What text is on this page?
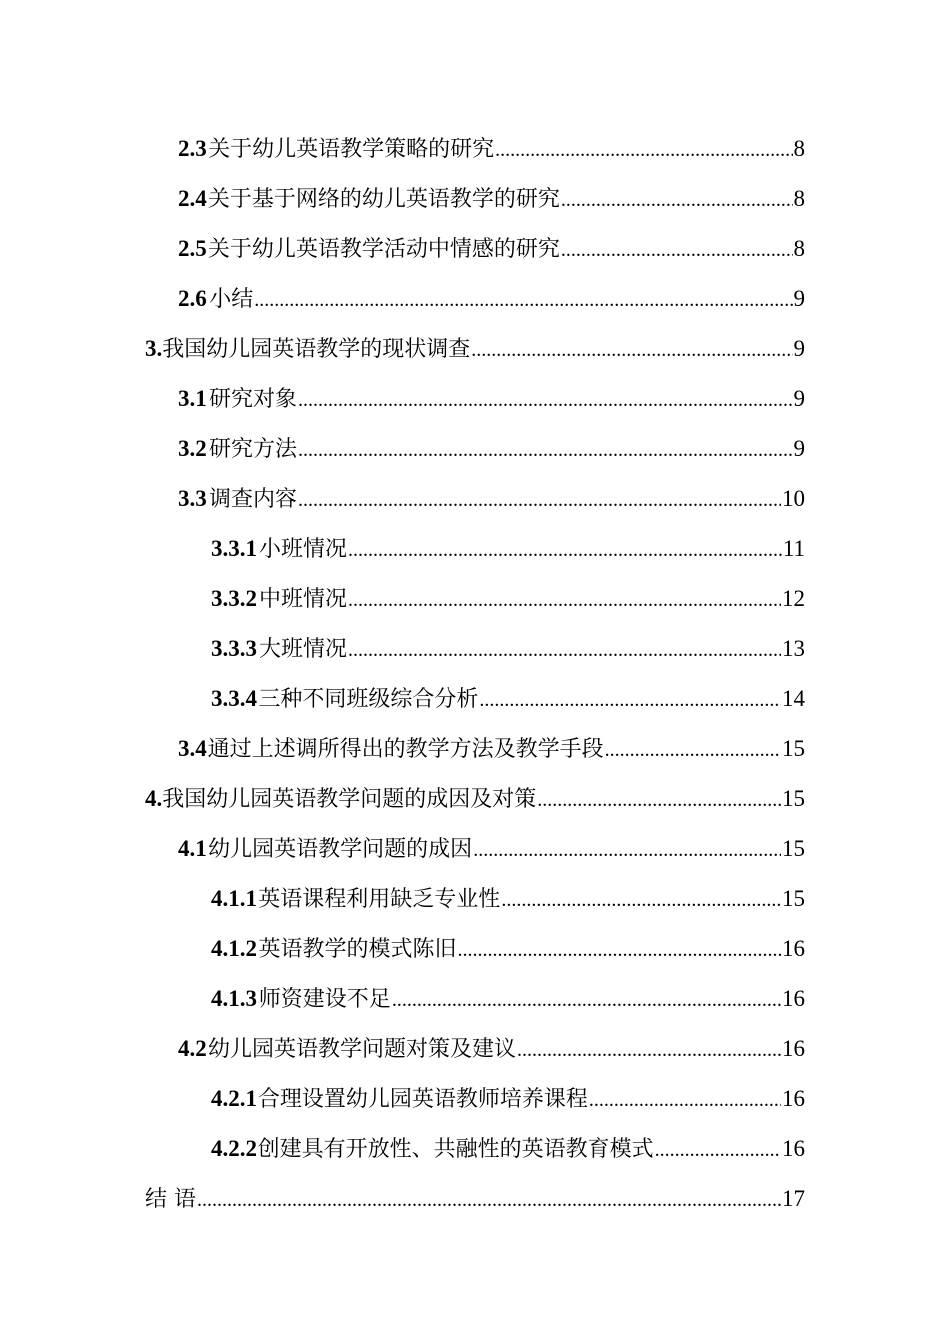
2.3 关于幼儿英语教学策略的研究 .....	8
2.4 关于基于网络的幼儿英语教学的研究 .....	8
2.5 关于幼儿英语教学活动中情感的研究 .....	8
2.6 小结 .....	9
3. 我国幼儿园英语教学的现状调查 .....	9
3.1 研究对象 .....	9
3.2 研究方法 .....	9
3.3 调查内容 .....	10
3.3.1 小班情况 .....	11
3.3.2 中班情况 .....	12
3.3.3 大班情况 .....	13
3.3.4 三种不同班级综合分析 .....	14
3.4 通过上述调所得出的教学方法及教学手段 .....	15
4. 我国幼儿园英语教学问题的成因及对策 .....	15
4.1 幼儿园英语教学问题的成因 .....	15
4.1.1 英语课程利用缺乏专业性 .....	15
4.1.2 英语教学的模式陈旧 .....	16
4.1.3 师资建设不足 .....	16
4.2 幼儿园英语教学问题对策及建议 .....	16
4.2.1 合理设置幼儿园英语教师培养课程 .....	16
4.2.2 创建具有开放性、共融性的英语教育模式 .....	16
结 语 .....	17
